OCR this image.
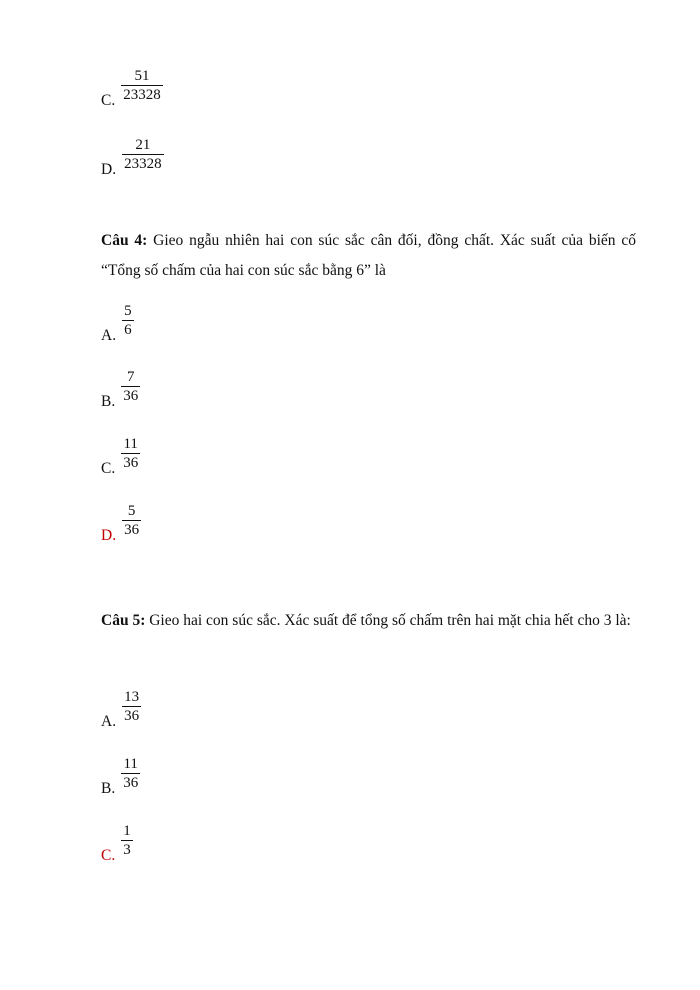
C. $\frac{51}{23328}$
D. $\frac{21}{23328}$
Câu 4: Gieo ngẫu nhiên hai con súc sắc cân đối, đồng chất. Xác suất của biến cố “Tổng số chấm của hai con súc sắc bằng 6” là
A. $\frac{5}{6}$
B. $\frac{7}{36}$
C. $\frac{11}{36}$
D. $\frac{5}{36}$
Câu 5: Gieo hai con súc sắc. Xác suất để tổng số chấm trên hai mặt chia hết cho 3 là:
A. $\frac{13}{36}$
B. $\frac{11}{36}$
C. $\frac{1}{3}$
